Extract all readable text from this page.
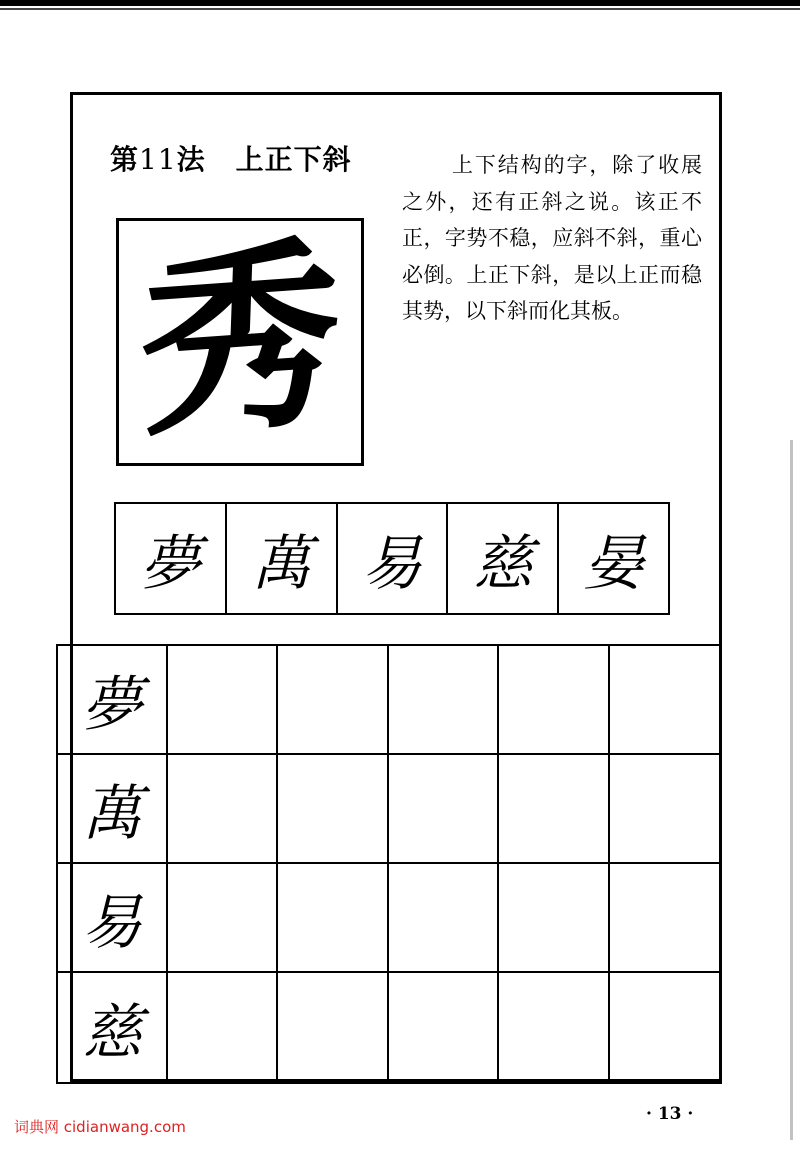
第11法 上正下斜	上下结构的字，除了收展之外，还有正斜之说。该正不正，字势不稳，应斜不斜，重心必倒。上正下斜，是以上正而稳其势，以下斜而化其板。
秀
夢 萬 易 慈 晏
夢
萬
易
慈
词典网 cidianwang.com
· 13 ·
